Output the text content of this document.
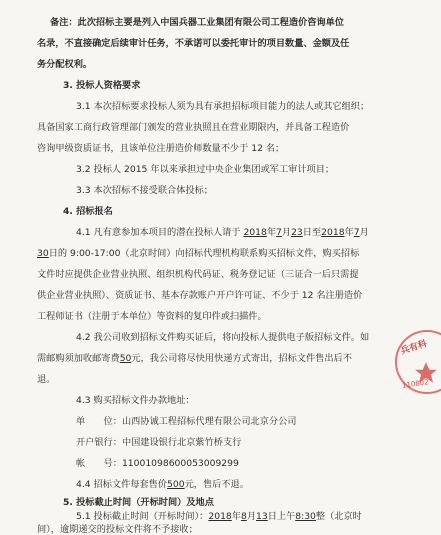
备注：此次招标主要是列入中国兵器工业集团有限公司工程造价咨询单位
名录，不直接确定后续审计任务，不承诺可以委托审计的项目数量、金额及任
务分配权利。
3. 投标人资格要求
3.1 本次招标要求投标人须为具有承担招标项目能力的法人或其它组织；
具备国家工商行政管理部门颁发的营业执照且在营业期限内，并具备工程造价
咨询甲级资质证书，且该单位注册造价师数量不少于 12 名；
3.2 投标人 2015 年以来承担过中央企业集团或军工审计项目；
3.3 本次招标不接受联合体投标；
4. 招标报名
4.1 凡有意参加本项目的潜在投标人请于 2018年7月23日至2018年7月
30日的 9:00-17:00（北京时间）向招标代理机构联系购买招标文件，购买招标
文件时应提供企业营业执照、组织机构代码证、税务登记证（三证合一后只需提
供企业营业执照）、资质证书、基本存款账户开户许可证、不少于 12 名注册造价
工程师证书（注册于本单位）等资料的复印件或扫描件。
4.2 我公司收到招标文件购买证后，将向投标人提供电子版招标文件。如
需邮购须加收邮寄费50元，我公司将尽快用快递方式寄出，招标文件售出后不
退。
4.3 购买招标文件办款地址：
单　　位：山西协诚工程招标代理有限公司北京分公司
开户银行：中国建设银行北京紫竹桥支行
帐　　号：11001098600053009299
4.4 招标文件每套售价500元，售后不退。
5. 投标截止时间（开标时间）及地点
5.1 投标截止时间（开标时间）：2018年8月13日上午8:30整（北京时
间），逾期递交的投标文件将不予接收；
兵有科
110802
